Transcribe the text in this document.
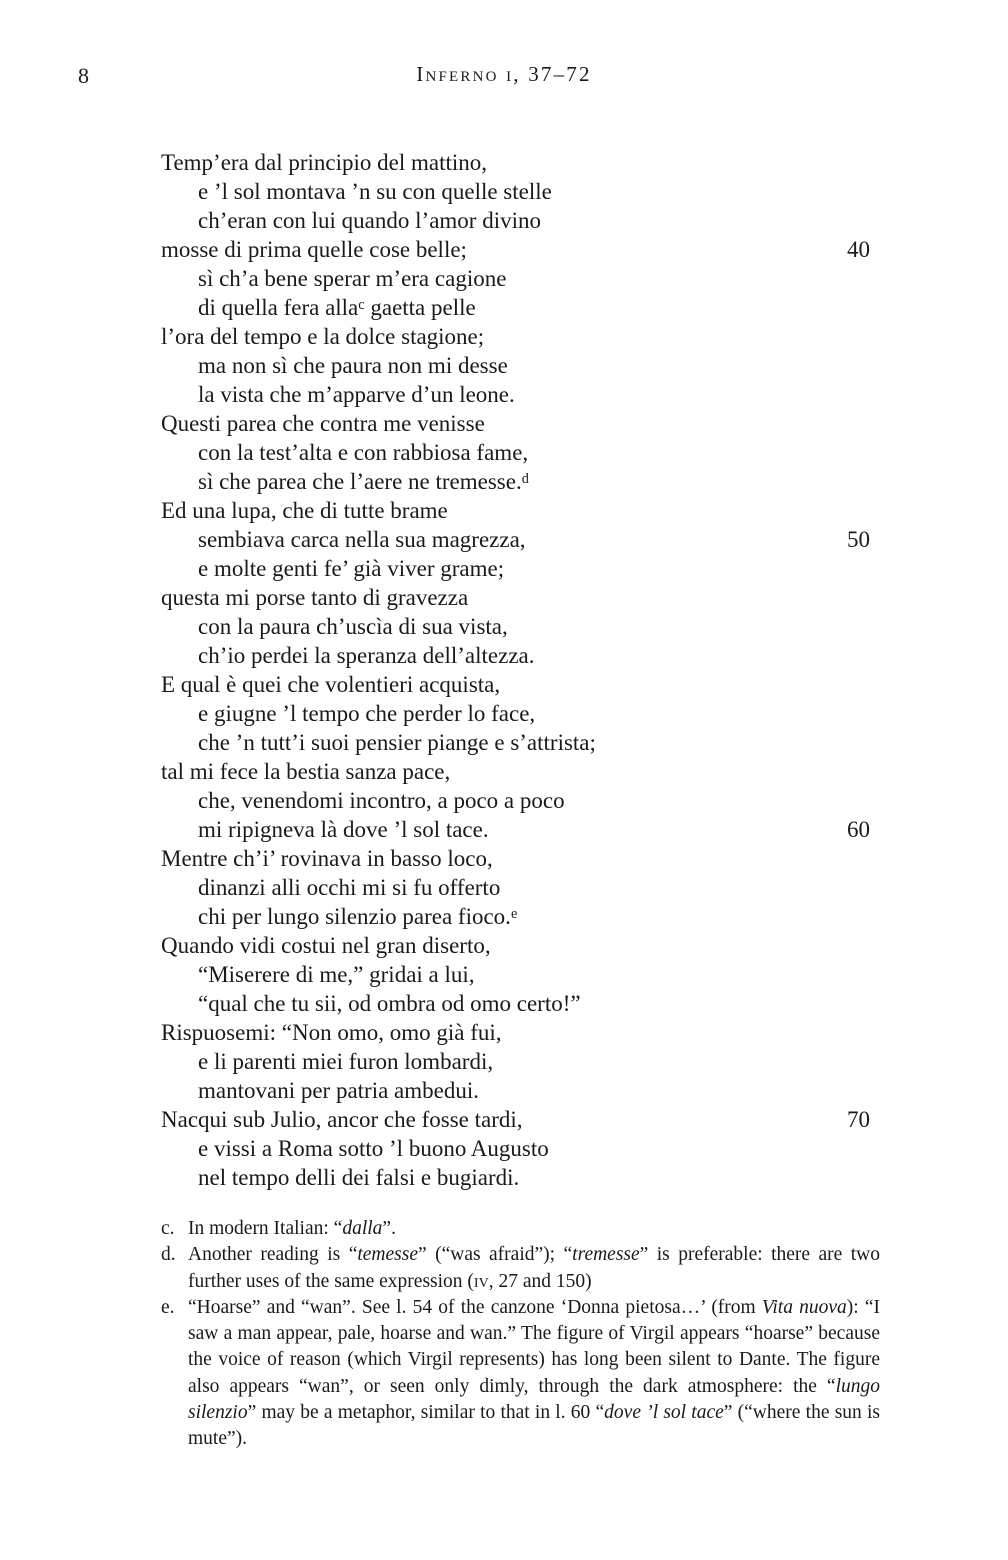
8	Inferno i, 37–72
Temp’era dal principio del mattino,
e ’l sol montava ’n su con quelle stelle
ch’eran con lui quando l’amor divino
mosse di prima quelle cose belle;	40
sì ch’a bene sperar m’era cagione
di quella fera alla$^c$ gaetta pelle
l’ora del tempo e la dolce stagione;
ma non sì che paura non mi desse
la vista che m’apparve d’un leone.
Questi parea che contra me venisse
con la test’alta e con rabbiosa fame,
sì che parea che l’aere ne tremesse.$^d$
Ed una lupa, che di tutte brame
sembiava carca nella sua magrezza,	50
e molte genti fe’ già viver grame;
questa mi porse tanto di gravezza
con la paura ch’uscìa di sua vista,
ch’io perdei la speranza dell’altezza.
E qual è quei che volentieri acquista,
e giugne ’l tempo che perder lo face,
che ’n tutt’i suoi pensier piange e s’attrista;
tal mi fece la bestia sanza pace,
che, venendomi incontro, a poco a poco
mi ripigneva là dove ’l sol tace.	60
Mentre ch’i’ rovinava in basso loco,
dinanzi alli occhi mi si fu offerto
chi per lungo silenzio parea fioco.$^e$
Quando vidi costui nel gran diserto,
“Miserere di me,” gridai a lui,
“qual che tu sii, od ombra od omo certo!”
Rispuosemi: “Non omo, omo già fui,
e li parenti miei furon lombardi,
mantovani per patria ambedui.
Nacqui sub Julio, ancor che fosse tardi,	70
e vissi a Roma sotto ’l buono Augusto
nel tempo delli dei falsi e bugiardi.
c. In modern Italian: “dalla”.
d. Another reading is “temesse” (“was afraid”); “tremesse” is preferable: there are two further uses of the same expression (iv, 27 and 150)
e. “Hoarse” and “wan”. See l. 54 of the canzone ‘Donna pietosa…’ (from Vita nuova): “I saw a man appear, pale, hoarse and wan.” The figure of Virgil appears “hoarse” because the voice of reason (which Virgil represents) has long been silent to Dante. The figure also appears “wan”, or seen only dimly, through the dark atmosphere: the “lungo silenzio” may be a metaphor, similar to that in l. 60 “dove ’l sol tace” (“where the sun is mute”).
